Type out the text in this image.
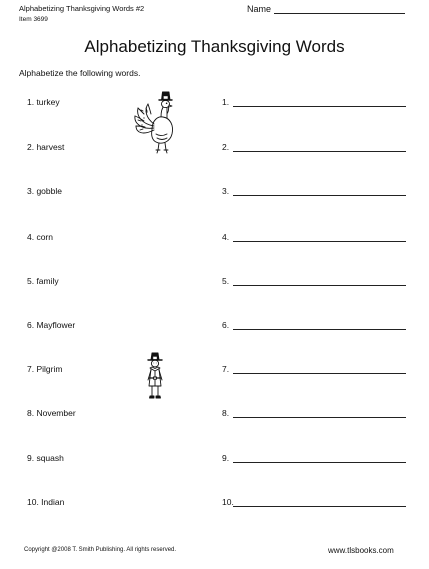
Alphabetizing Thanksgiving Words #2
Item 3699
Name
Alphabetizing Thanksgiving Words
Alphabetize the following words.
1. turkey
2. harvest
3. gobble
4. corn
5. family
6. Mayflower
7. Pilgrim
8. November
9. squash
10. Indian
1.
2.
3.
4.
5.
6.
7.
8.
9.
10.
Copyright @2008 T. Smith Publishing. All rights reserved.	www.tlsbooks.com
